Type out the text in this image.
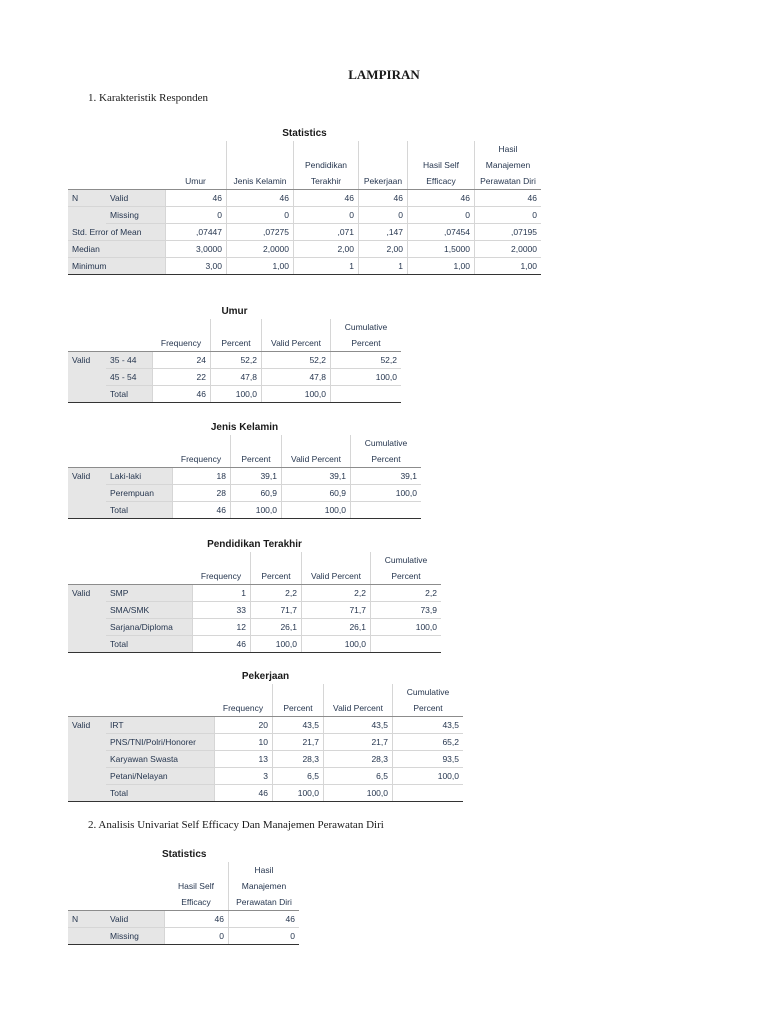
LAMPIRAN
1. Karakteristik Responden
Statistics
		Umur	Jenis Kelamin	Pendidikan Terakhir	Pekerjaan	Hasil Self Efficacy	Hasil Manajemen Perawatan Diri
N	Valid	46	46	46	46	46	46
	Missing	0	0	0	0	0	0
Std. Error of Mean		,07447	,07275	,071	,147	,07454	,07195
Median		3,0000	2,0000	2,00	2,00	1,5000	2,0000
Minimum		3,00	1,00	1	1	1,00	1,00
Umur
		Frequency	Percent	Valid Percent	Cumulative Percent
Valid	35 - 44	24	52,2	52,2	52,2
	45 - 54	22	47,8	47,8	100,0
	Total	46	100,0	100,0	
Jenis Kelamin
		Frequency	Percent	Valid Percent	Cumulative Percent
Valid	Laki-laki	18	39,1	39,1	39,1
	Perempuan	28	60,9	60,9	100,0
	Total	46	100,0	100,0	
Pendidikan Terakhir
		Frequency	Percent	Valid Percent	Cumulative Percent
Valid	SMP	1	2,2	2,2	2,2
	SMA/SMK	33	71,7	71,7	73,9
	Sarjana/Diploma	12	26,1	26,1	100,0
	Total	46	100,0	100,0	
Pekerjaan
		Frequency	Percent	Valid Percent	Cumulative Percent
Valid	IRT	20	43,5	43,5	43,5
	PNS/TNI/Polri/Honorer	10	21,7	21,7	65,2
	Karyawan Swasta	13	28,3	28,3	93,5
	Petani/Nelayan	3	6,5	6,5	100,0
	Total	46	100,0	100,0	
2. Analisis Univariat Self Efficacy Dan Manajemen Perawatan Diri
Statistics
		Hasil Self Efficacy	Hasil Manajemen Perawatan Diri
N	Valid	46	46
	Missing	0	0
